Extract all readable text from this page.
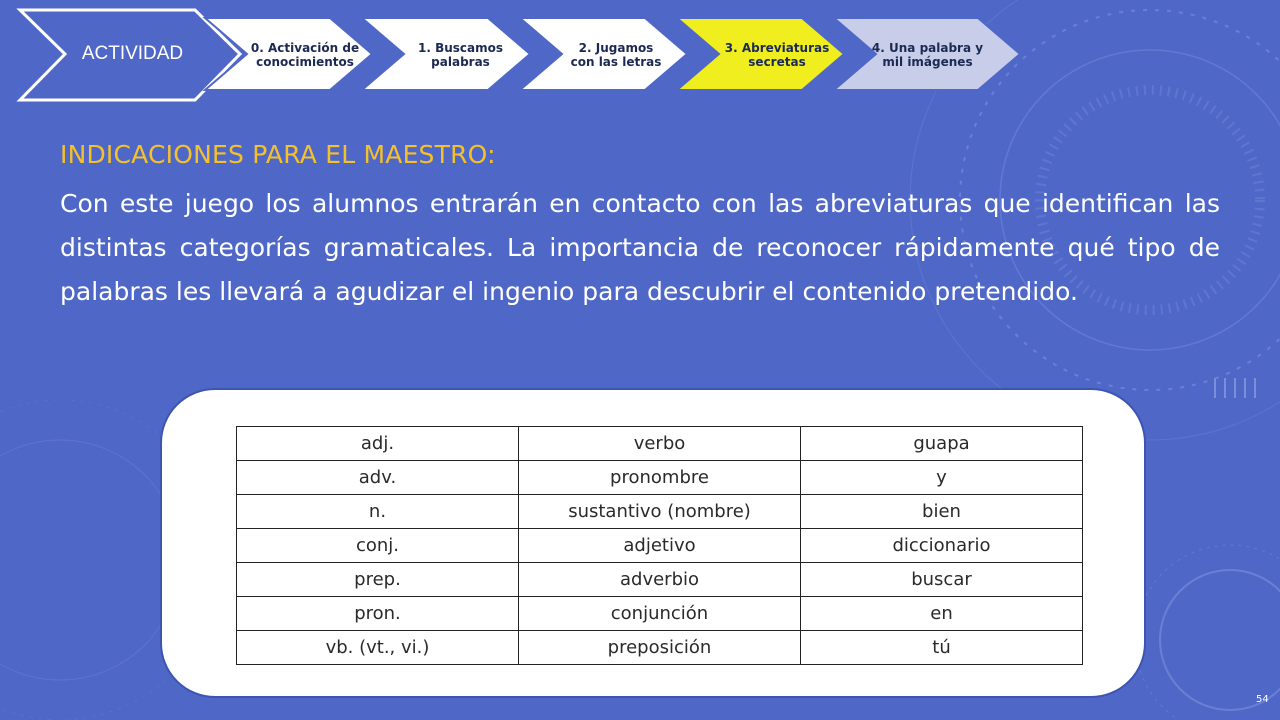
ACTIVIDAD	0. Activación de conocimientos
1. Buscamos palabras
2. Jugamos con las letras
3. Abreviaturas secretas
4. Una palabra y mil imágenes
INDICACIONES PARA EL MAESTRO:
Con este juego los alumnos entrarán en contacto con las abreviaturas que identifican las distintas categorías gramaticales. La importancia de reconocer rápidamente qué tipo de palabras les llevará a agudizar el ingenio para descubrir el contenido pretendido.
adj.	verbo	guapa
adv.	pronombre	y
n.	sustantivo (nombre)	bien
conj.	adjetivo	diccionario
prep.	adverbio	buscar
pron.	conjunción	en
vb. (vt., vi.)	preposición	tú
54
